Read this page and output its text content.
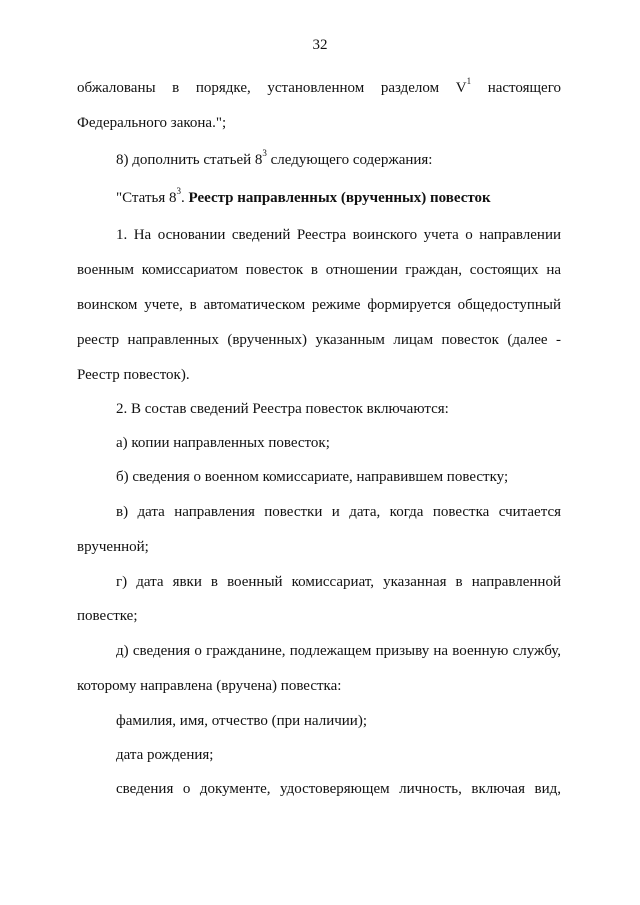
32
обжалованы в порядке, установленном разделом $V^1$ настоящего
Федерального закона.";
8) дополнить статьей $8^3$ следующего содержания:
"Статья $8^3$. Реестр направленных (врученных) повесток
1. На основании сведений Реестра воинского учета о направлении
военным комиссариатом повесток в отношении граждан, состоящих на
воинском учете, в автоматическом режиме формируется общедоступный
реестр направленных (врученных) указанным лицам повесток (далее -
Реестр повесток).
2. В состав сведений Реестра повесток включаются:
а) копии направленных повесток;
б) сведения о военном комиссариате, направившем повестку;
в) дата направления повестки и дата, когда повестка считается
врученной;
г) дата явки в военный комиссариат, указанная в направленной
повестке;
д) сведения о гражданине, подлежащем призыву на военную службу,
которому направлена (вручена) повестка:
фамилия, имя, отчество (при наличии);
дата рождения;
сведения о документе, удостоверяющем личность, включая вид,
